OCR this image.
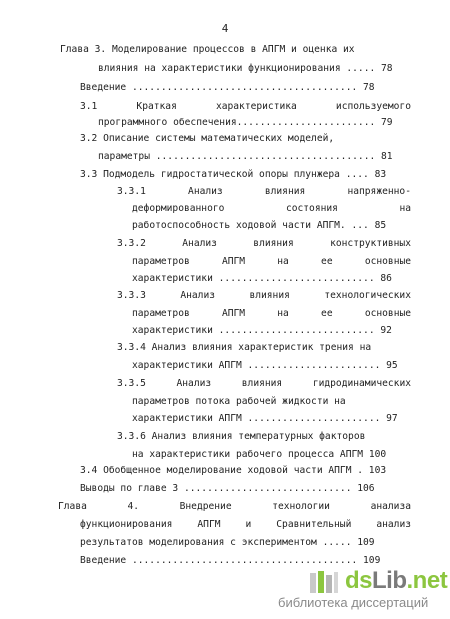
4
Глава 3. Моделирование процессов в АПГМ и оценка их
влияния на характеристики функционирования ..... 78
Введение ....................................... 78
3.1	Краткая	характеристика	используемого
программного обеспечения........................ 79
3.2 Описание системы математических моделей,
параметры ...................................... 81
3.3 Подмодель гидростатической опоры плунжера .... 83
3.3.1	Анализ	влияния	напряженно-
деформированного	состояния	на
работоспособность ходовой части АПГМ. ... 85
3.3.2	Анализ	влияния	конструктивных
параметров	АПГМ	на	ее	основные
характеристики ........................... 86
3.3.3	Анализ	влияния	технологических
параметров	АПГМ	на	ее	основные
характеристики ........................... 92
3.3.4 Анализ влияния характеристик трения на
характеристики АПГМ ....................... 95
3.3.5	Анализ	влияния	гидродинамических
параметров потока рабочей жидкости на
характеристики АПГМ ....................... 97
3.3.6 Анализ влияния температурных факторов
на характеристики рабочего процесса АПГМ 100
3.4 Обобщенное моделирование ходовой части АПГМ . 103
Выводы по главе 3 ............................. 106
Глава 4.	Внедрение	технологии	анализа
функционирования	АПГМ	и	Сравнительный	анализ
результатов моделирования с экспериментом ..... 109
Введение ....................................... 109
dsLib.net
библиотека диссертаций
